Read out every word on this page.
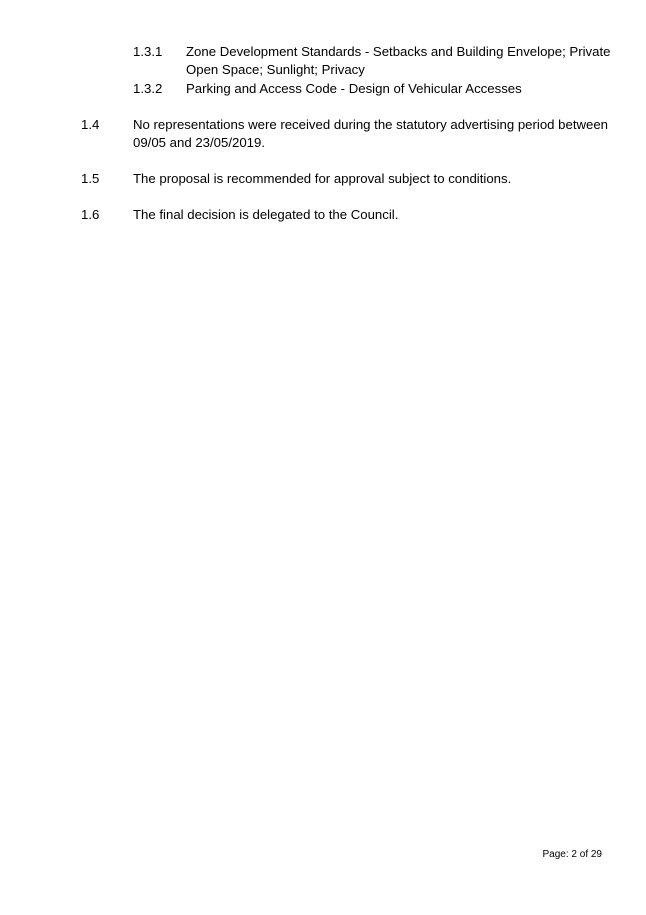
1.3.1 Zone Development Standards - Setbacks and Building Envelope; Private Open Space; Sunlight; Privacy
1.3.2 Parking and Access Code - Design of Vehicular Accesses
1.4	No representations were received during the statutory advertising period between 09/05 and 23/05/2019.
1.5	The proposal is recommended for approval subject to conditions.
1.6	The final decision is delegated to the Council.
Page: 2 of 29
